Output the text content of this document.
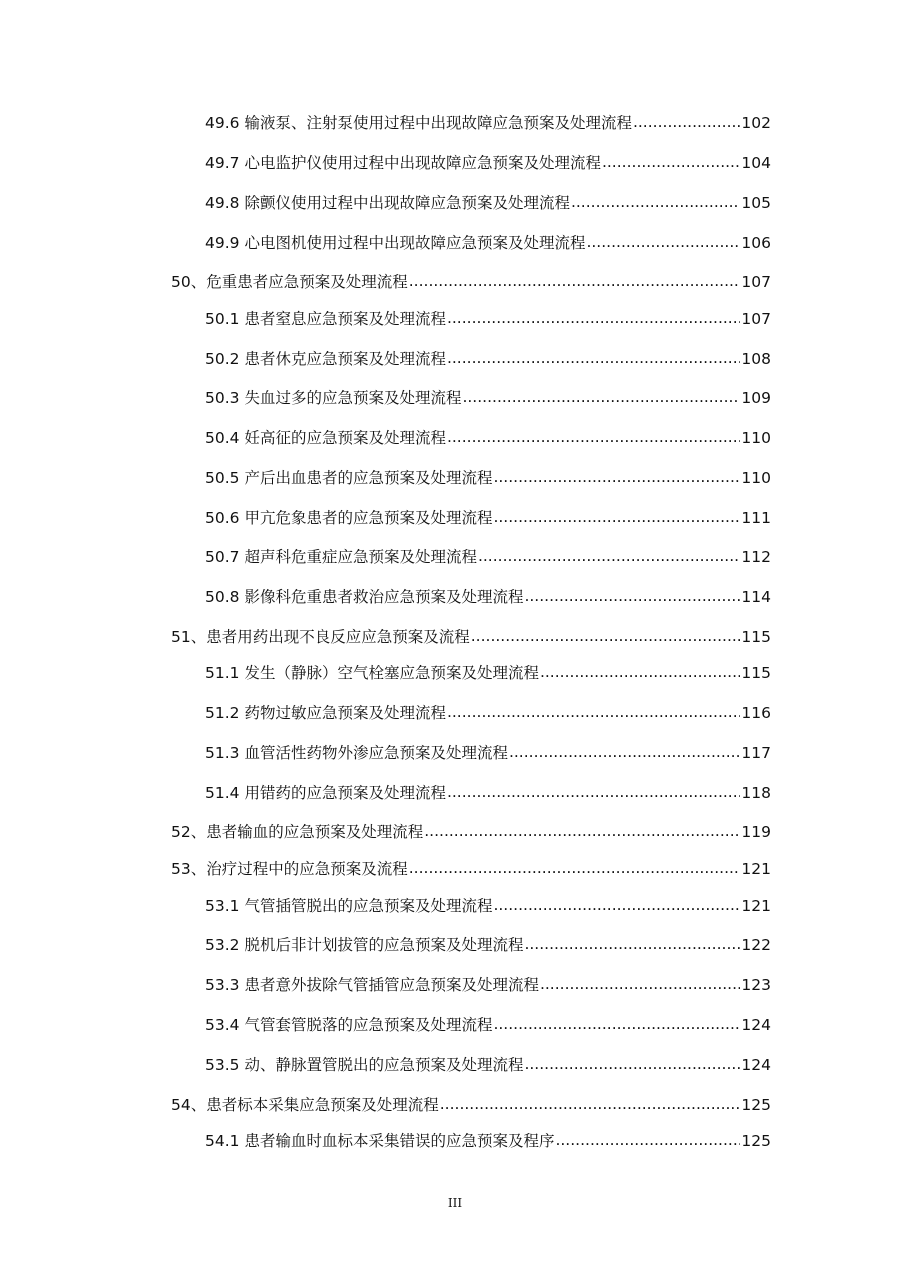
49.6 输液泵、注射泵使用过程中出现故障应急预案及处理流程 .....	102
49.7 心电监护仪使用过程中出现故障应急预案及处理流程 .....	104
49.8 除颤仪使用过程中出现故障应急预案及处理流程 .....	105
49.9 心电图机使用过程中出现故障应急预案及处理流程 .....	106
50、危重患者应急预案及处理流程 .....	107
50.1 患者窒息应急预案及处理流程 .....	107
50.2 患者休克应急预案及处理流程 .....	108
50.3 失血过多的应急预案及处理流程 .....	109
50.4 妊高征的应急预案及处理流程 .....	110
50.5 产后出血患者的应急预案及处理流程 .....	110
50.6 甲亢危象患者的应急预案及处理流程 .....	111
50.7 超声科危重症应急预案及处理流程 .....	112
50.8 影像科危重患者救治应急预案及处理流程 .....	114
51、患者用药出现不良反应应急预案及流程 .....	115
51.1 发生（静脉）空气栓塞应急预案及处理流程 .....	115
51.2 药物过敏应急预案及处理流程 .....	116
51.3 血管活性药物外渗应急预案及处理流程 .....	117
51.4 用错药的应急预案及处理流程 .....	118
52、患者输血的应急预案及处理流程 .....	119
53、治疗过程中的应急预案及流程 .....	121
53.1 气管插管脱出的应急预案及处理流程 .....	121
53.2 脱机后非计划拔管的应急预案及处理流程 .....	122
53.3 患者意外拔除气管插管应急预案及处理流程 .....	123
53.4 气管套管脱落的应急预案及处理流程 .....	124
53.5 动、静脉置管脱出的应急预案及处理流程 .....	124
54、患者标本采集应急预案及处理流程 .....	125
54.1 患者输血时血标本采集错误的应急预案及程序 .....	125
III
